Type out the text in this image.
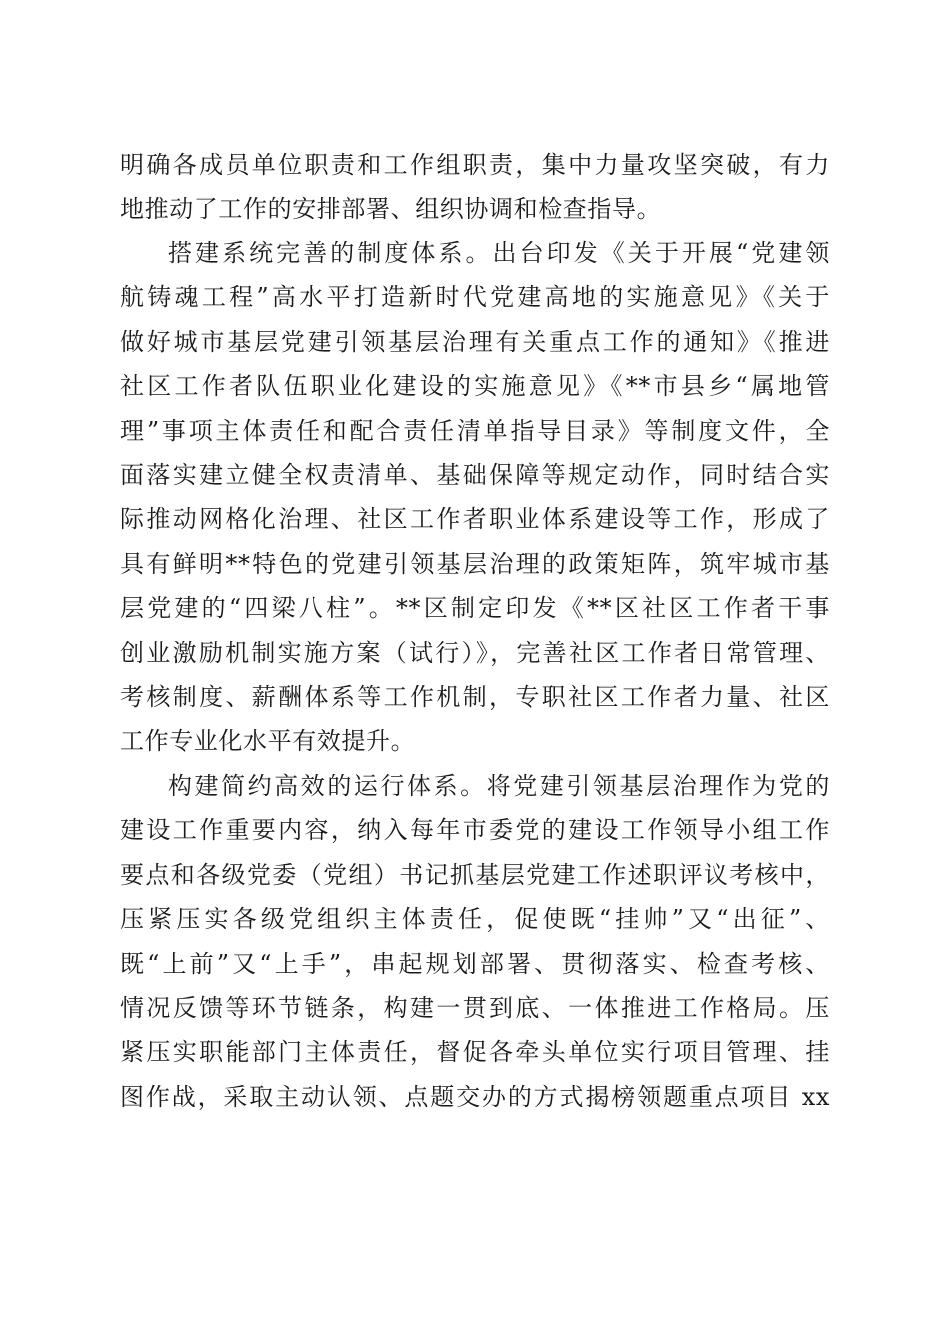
明确各成员单位职责和工作组职责，集中力量攻坚突破，有力
地推动了工作的安排部署、组织协调和检查指导。
搭建系统完善的制度体系。出台印发《关于开展“党建领
航铸魂工程”高水平打造新时代党建高地的实施意见》《关于
做好城市基层党建引领基层治理有关重点工作的通知》《推进
社区工作者队伍职业化建设的实施意见》《**市县乡“属地管
理”事项主体责任和配合责任清单指导目录》等制度文件，全
面落实建立健全权责清单、基础保障等规定动作，同时结合实
际推动网格化治理、社区工作者职业体系建设等工作，形成了
具有鲜明**特色的党建引领基层治理的政策矩阵，筑牢城市基
层党建的“四梁八柱”。**区制定印发《**区社区工作者干事
创业激励机制实施方案（试行）》，完善社区工作者日常管理、
考核制度、薪酬体系等工作机制，专职社区工作者力量、社区
工作专业化水平有效提升。
构建简约高效的运行体系。将党建引领基层治理作为党的
建设工作重要内容，纳入每年市委党的建设工作领导小组工作
要点和各级党委（党组）书记抓基层党建工作述职评议考核中，
压紧压实各级党组织主体责任，促使既“挂帅”又“出征”、
既“上前”又“上手”，串起规划部署、贯彻落实、检查考核、
情况反馈等环节链条，构建一贯到底、一体推进工作格局。压
紧压实职能部门主体责任，督促各牵头单位实行项目管理、挂
图作战，采取主动认领、点题交办的方式揭榜领题重点项目 xx
